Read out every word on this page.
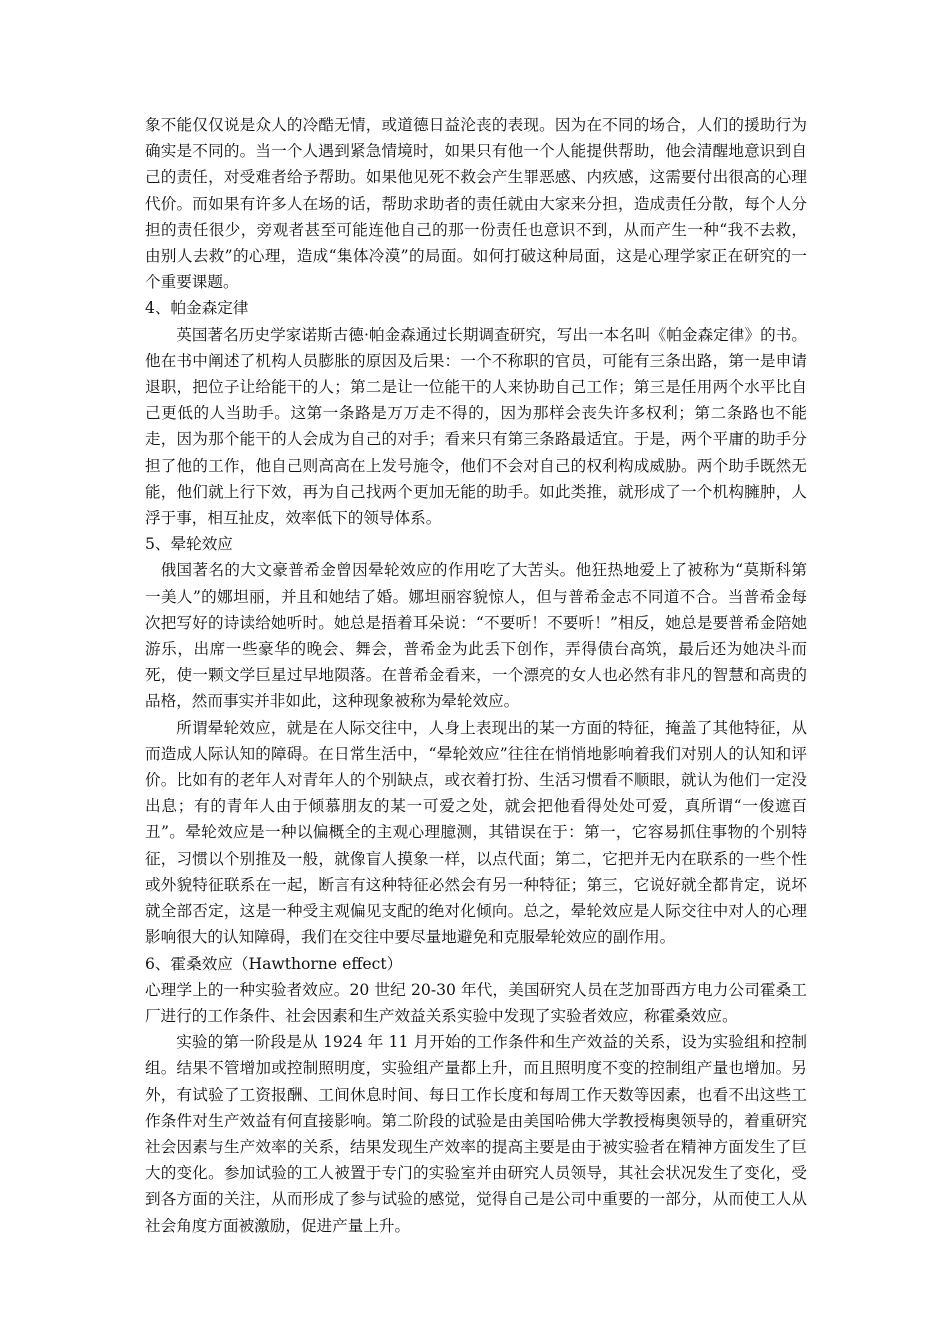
象不能仅仅说是众人的冷酷无情，或道德日益沦丧的表现。因为在不同的场合，人们的援助行为确实是不同的。当一个人遇到紧急情境时，如果只有他一个人能提供帮助，他会清醒地意识到自己的责任，对受难者给予帮助。如果他见死不救会产生罪恶感、内疚感，这需要付出很高的心理代价。而如果有许多人在场的话，帮助求助者的责任就由大家来分担，造成责任分散，每个人分担的责任很少，旁观者甚至可能连他自己的那一份责任也意识不到，从而产生一种“我不去救，由别人去救”的心理，造成“集体冷漠”的局面。如何打破这种局面，这是心理学家正在研究的一个重要课题。

4、帕金森定律

英国著名历史学家诺斯古德·帕金森通过长期调查研究，写出一本名叫《帕金森定律》的书。他在书中阐述了机构人员膨胀的原因及后果：一个不称职的官员，可能有三条出路，第一是申请退职，把位子让给能干的人；第二是让一位能干的人来协助自己工作；第三是任用两个水平比自己更低的人当助手。这第一条路是万万走不得的，因为那样会丧失许多权利；第二条路也不能走，因为那个能干的人会成为自己的对手；看来只有第三条路最适宜。于是，两个平庸的助手分担了他的工作，他自己则高高在上发号施令，他们不会对自己的权利构成威胁。两个助手既然无能，他们就上行下效，再为自己找两个更加无能的助手。如此类推，就形成了一个机构臃肿，人浮于事，相互扯皮，效率低下的领导体系。

5、晕轮效应

俄国著名的大文豪普希金曾因晕轮效应的作用吃了大苦头。他狂热地爱上了被称为“莫斯科第一美人”的娜坦丽，并且和她结了婚。娜坦丽容貌惊人，但与普希金志不同道不合。当普希金每次把写好的诗读给她听时。她总是捂着耳朵说：“不要听！不要听！”相反，她总是要普希金陪她游乐，出席一些豪华的晚会、舞会，普希金为此丢下创作，弄得债台高筑，最后还为她决斗而死，使一颗文学巨星过早地陨落。在普希金看来，一个漂亮的女人也必然有非凡的智慧和高贵的品格，然而事实并非如此，这种现象被称为晕轮效应。

所谓晕轮效应，就是在人际交往中，人身上表现出的某一方面的特征，掩盖了其他特征，从而造成人际认知的障碍。在日常生活中，“晕轮效应”往往在悄悄地影响着我们对别人的认知和评价。比如有的老年人对青年人的个别缺点，或衣着打扮、生活习惯看不顺眼，就认为他们一定没出息；有的青年人由于倾慕朋友的某一可爱之处，就会把他看得处处可爱，真所谓“一俊遮百丑”。晕轮效应是一种以偏概全的主观心理臆测，其错误在于：第一，它容易抓住事物的个别特征，习惯以个别推及一般，就像盲人摸象一样，以点代面；第二，它把并无内在联系的一些个性或外貌特征联系在一起，断言有这种特征必然会有另一种特征；第三，它说好就全都肯定，说坏就全部否定，这是一种受主观偏见支配的绝对化倾向。总之，晕轮效应是人际交往中对人的心理影响很大的认知障碍，我们在交往中要尽量地避免和克服晕轮效应的副作用。

6、霍桑效应（Hawthorne effect）

心理学上的一种实验者效应。20 世纪 20-30 年代，美国研究人员在芝加哥西方电力公司霍桑工厂进行的工作条件、社会因素和生产效益关系实验中发现了实验者效应，称霍桑效应。

实验的第一阶段是从 1924 年 11 月开始的工作条件和生产效益的关系，设为实验组和控制组。结果不管增加或控制照明度，实验组产量都上升，而且照明度不变的控制组产量也增加。另外，有试验了工资报酬、工间休息时间、每日工作长度和每周工作天数等因素，也看不出这些工作条件对生产效益有何直接影响。第二阶段的试验是由美国哈佛大学教授梅奥领导的，着重研究社会因素与生产效率的关系，结果发现生产效率的提高主要是由于被实验者在精神方面发生了巨大的变化。参加试验的工人被置于专门的实验室并由研究人员领导，其社会状况发生了变化，受到各方面的关注，从而形成了参与试验的感觉，觉得自己是公司中重要的一部分，从而使工人从社会角度方面被激励，促进产量上升。
